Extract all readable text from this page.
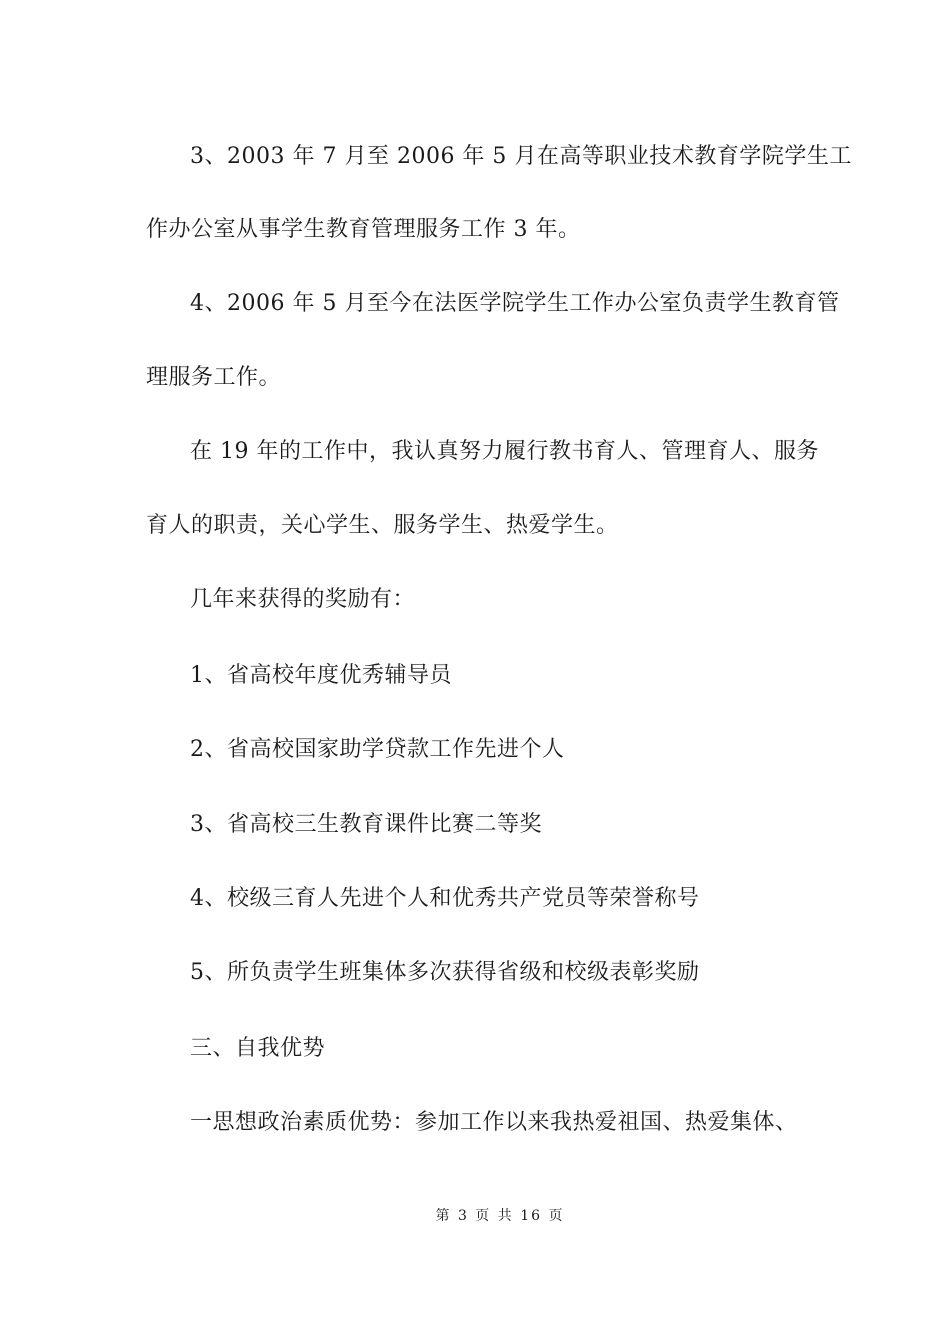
3、2003 年 7 月至 2006 年 5 月在高等职业技术教育学院学生工
作办公室从事学生教育管理服务工作 3 年。
4、2006 年 5 月至今在法医学院学生工作办公室负责学生教育管
理服务工作。
在 19 年的工作中，我认真努力履行教书育人、管理育人、服务
育人的职责，关心学生、服务学生、热爱学生。
几年来获得的奖励有：
1、省高校年度优秀辅导员
2、省高校国家助学贷款工作先进个人
3、省高校三生教育课件比赛二等奖
4、校级三育人先进个人和优秀共产党员等荣誉称号
5、所负责学生班集体多次获得省级和校级表彰奖励
三、自我优势
一思想政治素质优势：参加工作以来我热爱祖国、热爱集体、
第 3 页 共 16 页
